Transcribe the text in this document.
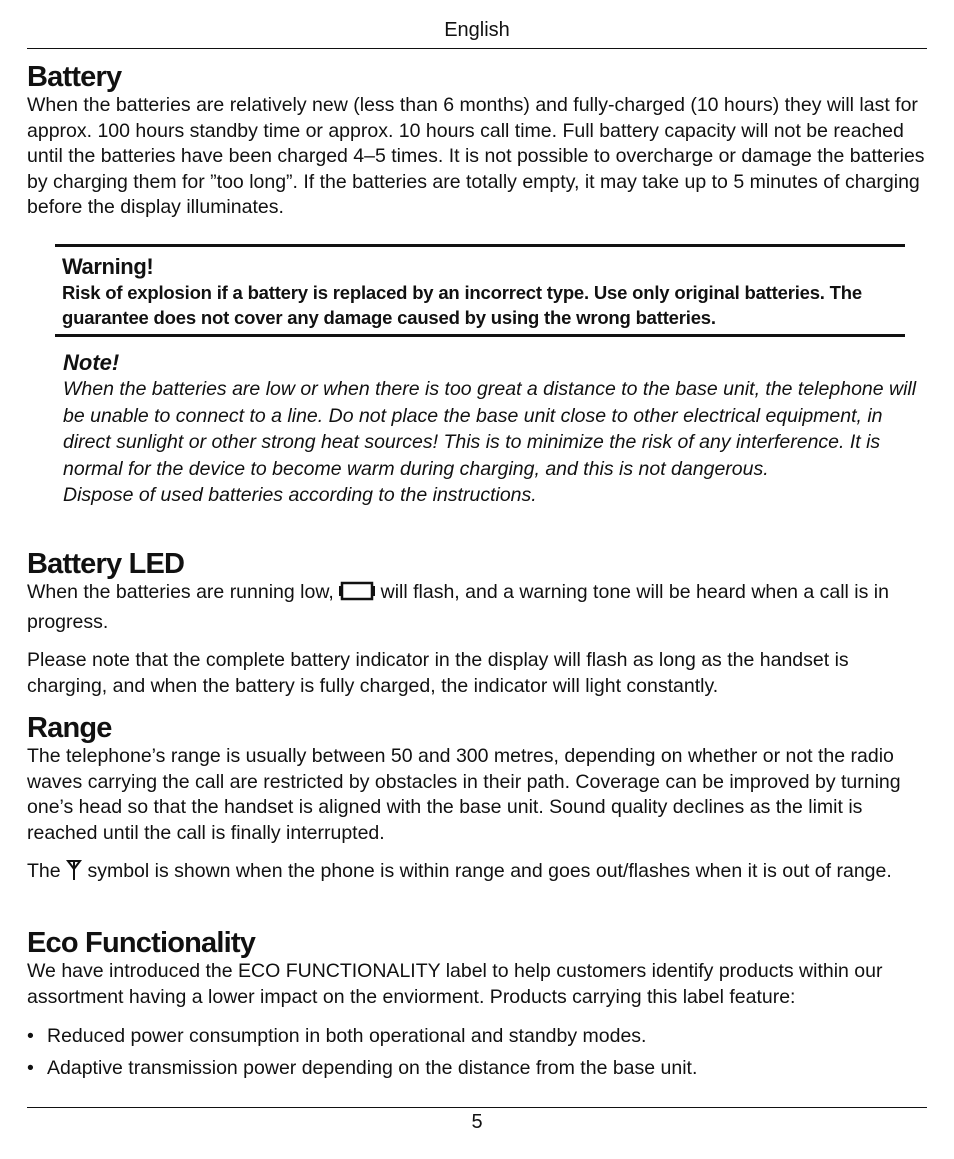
English
Battery

When the batteries are relatively new (less than 6 months) and fully-charged (10 hours) they will last for approx. 100 hours standby time or approx. 10 hours call time. Full battery capacity will not be reached until the batteries have been charged 4–5 times. It is not possible to overcharge or damage the batteries by charging them for ”too long”. If the batteries are totally empty, it may take up to 5 minutes of charging before the display illuminates.

Warning!
Risk of explosion if a battery is replaced by an incorrect type. Use only original batteries. The guarantee does not cover any damage caused by using the wrong batteries.
Note!
When the batteries are low or when there is too great a distance to the base unit, the telephone will be unable to connect to a line. Do not place the base unit close to other electrical equipment, in direct sunlight or other strong heat sources! This is to minimize the risk of any interference. It is normal for the device to become warm during charging, and this is not dangerous.
Dispose of used batteries according to the instructions.
Battery LED

When the batteries are running low, will flash, and a warning tone will be heard when a call is in progress.

Please note that the complete battery indicator in the display will flash as long as the handset is charging, and when the battery is fully charged, the indicator will light constantly.

Range

The telephone’s range is usually between 50 and 300 metres, depending on whether or not the radio waves carrying the call are restricted by obstacles in their path. Coverage can be improved by turning one’s head so that the handset is aligned with the base unit. Sound quality declines as the limit is reached until the call is finally interrupted.

The symbol is shown when the phone is within range and goes out/flashes when it is out of range.

Eco Functionality

We have introduced the ECO FUNCTIONALITY label to help customers identify products within our assortment having a lower impact on the enviorment. Products carrying this label feature:

• Reduced power consumption in both operational and standby modes.
• Adaptive transmission power depending on the distance from the base unit.
5
